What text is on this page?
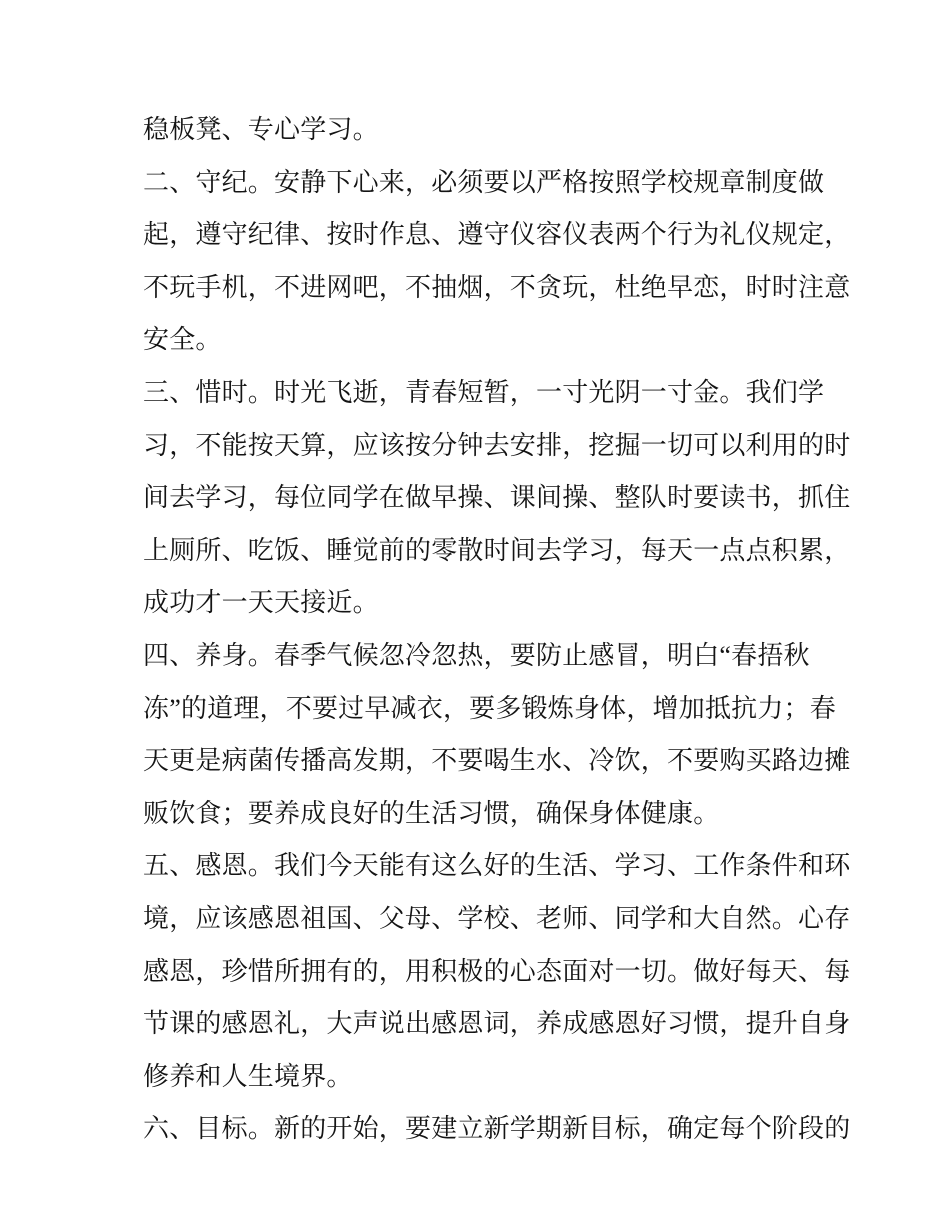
稳板凳、专心学习。
二、守纪。安静下心来，必须要以严格按照学校规章制度做
起，遵守纪律、按时作息、遵守仪容仪表两个行为礼仪规定，
不玩手机，不进网吧，不抽烟，不贪玩，杜绝早恋，时时注意
安全。
三、惜时。时光飞逝，青春短暂，一寸光阴一寸金。我们学
习，不能按天算，应该按分钟去安排，挖掘一切可以利用的时
间去学习，每位同学在做早操、课间操、整队时要读书，抓住
上厕所、吃饭、睡觉前的零散时间去学习，每天一点点积累，
成功才一天天接近。
四、养身。春季气候忽冷忽热，要防止感冒，明白“春捂秋
冻”的道理，不要过早减衣，要多锻炼身体，增加抵抗力；春
天更是病菌传播高发期，不要喝生水、冷饮，不要购买路边摊
贩饮食；要养成良好的生活习惯，确保身体健康。
五、感恩。我们今天能有这么好的生活、学习、工作条件和环
境，应该感恩祖国、父母、学校、老师、同学和大自然。心存
感恩，珍惜所拥有的，用积极的心态面对一切。做好每天、每
节课的感恩礼，大声说出感恩词，养成感恩好习惯，提升自身
修养和人生境界。
六、目标。新的开始，要建立新学期新目标，确定每个阶段的
